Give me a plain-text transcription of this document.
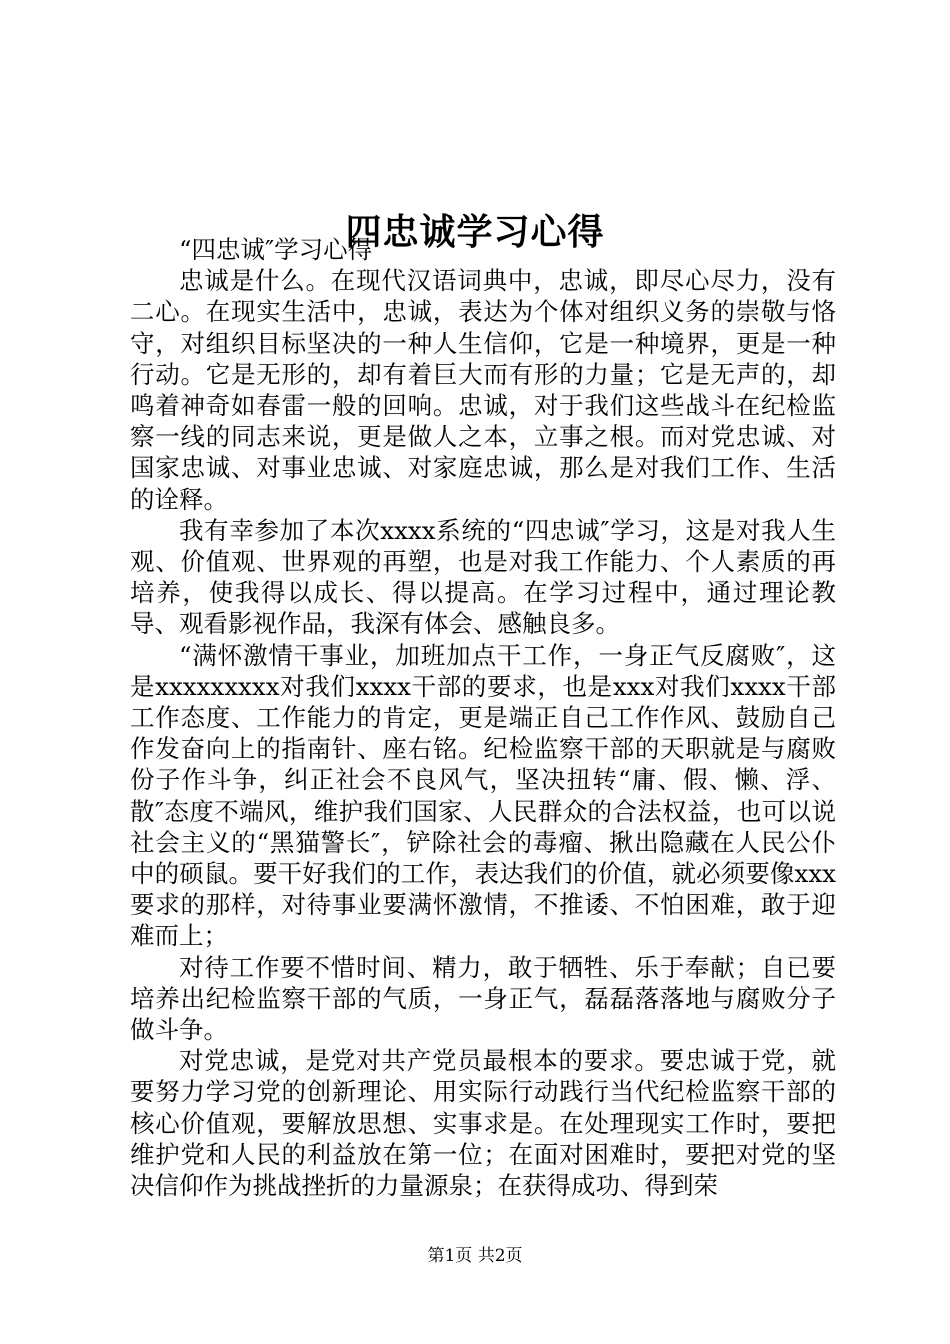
四忠诚学习心得

“四忠诚″学习心得

忠诚是什么。在现代汉语词典中，忠诚，即尽心尽力，没有二心。在现实生活中，忠诚，表达为个体对组织义务的崇敬与恪守，对组织目标坚决的一种人生信仰，它是一种境界，更是一种行动。它是无形的，却有着巨大而有形的力量；它是无声的，却鸣着神奇如春雷一般的回响。忠诚，对于我们这些战斗在纪检监察一线的同志来说，更是做人之本，立事之根。而对党忠诚、对国家忠诚、对事业忠诚、对家庭忠诚，那么是对我们工作、生活的诠释。

我有幸参加了本次xxxx系统的“四忠诚″学习，这是对我人生观、价值观、世界观的再塑，也是对我工作能力、个人素质的再培养，使我得以成长、得以提高。在学习过程中，通过理论教导、观看影视作品，我深有体会、感触良多。

“满怀激情干事业，加班加点干工作，一身正气反腐败″，这是xxxxxxxxx对我们xxxx干部的要求，也是xxx对我们xxxx干部工作态度、工作能力的肯定，更是端正自己工作作风、鼓励自己作发奋向上的指南针、座右铭。纪检监察干部的天职就是与腐败份子作斗争，纠正社会不良风气，坚决扭转“庸、假、懒、浮、散″态度不端风，维护我们国家、人民群众的合法权益，也可以说社会主义的“黑猫警长″，铲除社会的毒瘤、揪出隐藏在人民公仆中的硕鼠。要干好我们的工作，表达我们的价值，就必须要像xxx要求的那样，对待事业要满怀激情，不推诿、不怕困难，敢于迎难而上；

对待工作要不惜时间、精力，敢于牺牲、乐于奉献；自已要培养出纪检监察干部的气质，一身正气，磊磊落落地与腐败分子做斗争。

对党忠诚，是党对共产党员最根本的要求。要忠诚于党，就要努力学习党的创新理论、用实际行动践行当代纪检监察干部的核心价值观，要解放思想、实事求是。在处理现实工作时，要把维护党和人民的利益放在第一位；在面对困难时，要把对党的坚决信仰作为挑战挫折的力量源泉；在获得成功、得到荣

第1页 共2页
